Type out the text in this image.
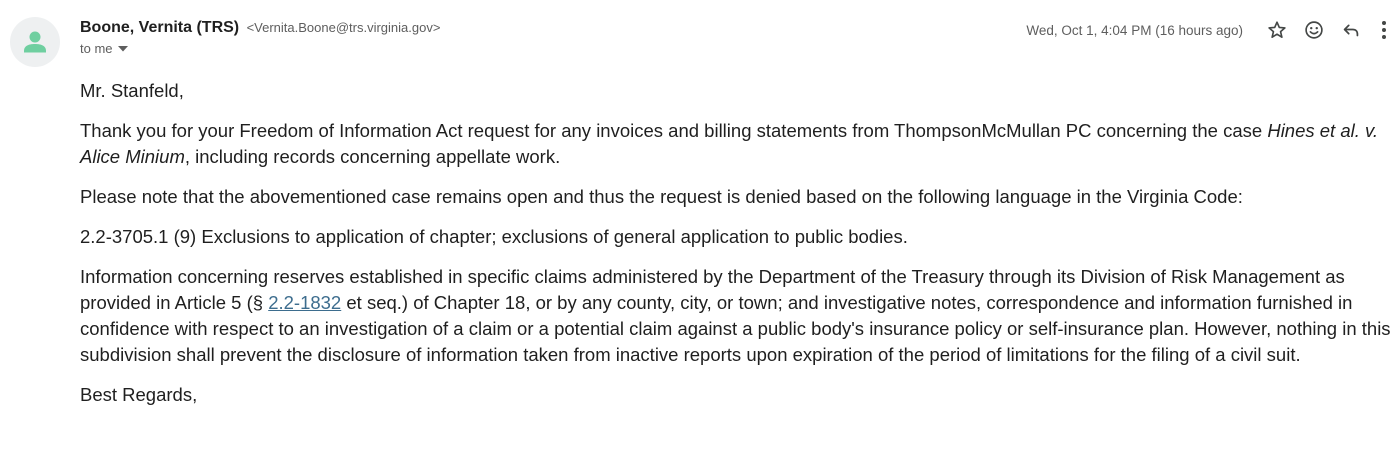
Boone, Vernita (TRS) <Vernita.Boone@trs.virginia.gov>
to me
Wed, Oct 1, 4:04 PM (16 hours ago)

Mr. Stanfeld,

Thank you for your Freedom of Information Act request for any invoices and billing statements from ThompsonMcMullan PC concerning the case Hines et al. v. Alice Minium, including records concerning appellate work.

Please note that the abovementioned case remains open and thus the request is denied based on the following language in the Virginia Code:

2.2-3705.1 (9) Exclusions to application of chapter; exclusions of general application to public bodies.

Information concerning reserves established in specific claims administered by the Department of the Treasury through its Division of Risk Management as provided in Article 5 (§ 2.2-1832 et seq.) of Chapter 18, or by any county, city, or town; and investigative notes, correspondence and information furnished in confidence with respect to an investigation of a claim or a potential claim against a public body's insurance policy or self-insurance plan. However, nothing in this subdivision shall prevent the disclosure of information taken from inactive reports upon expiration of the period of limitations for the filing of a civil suit.

Best Regards,
